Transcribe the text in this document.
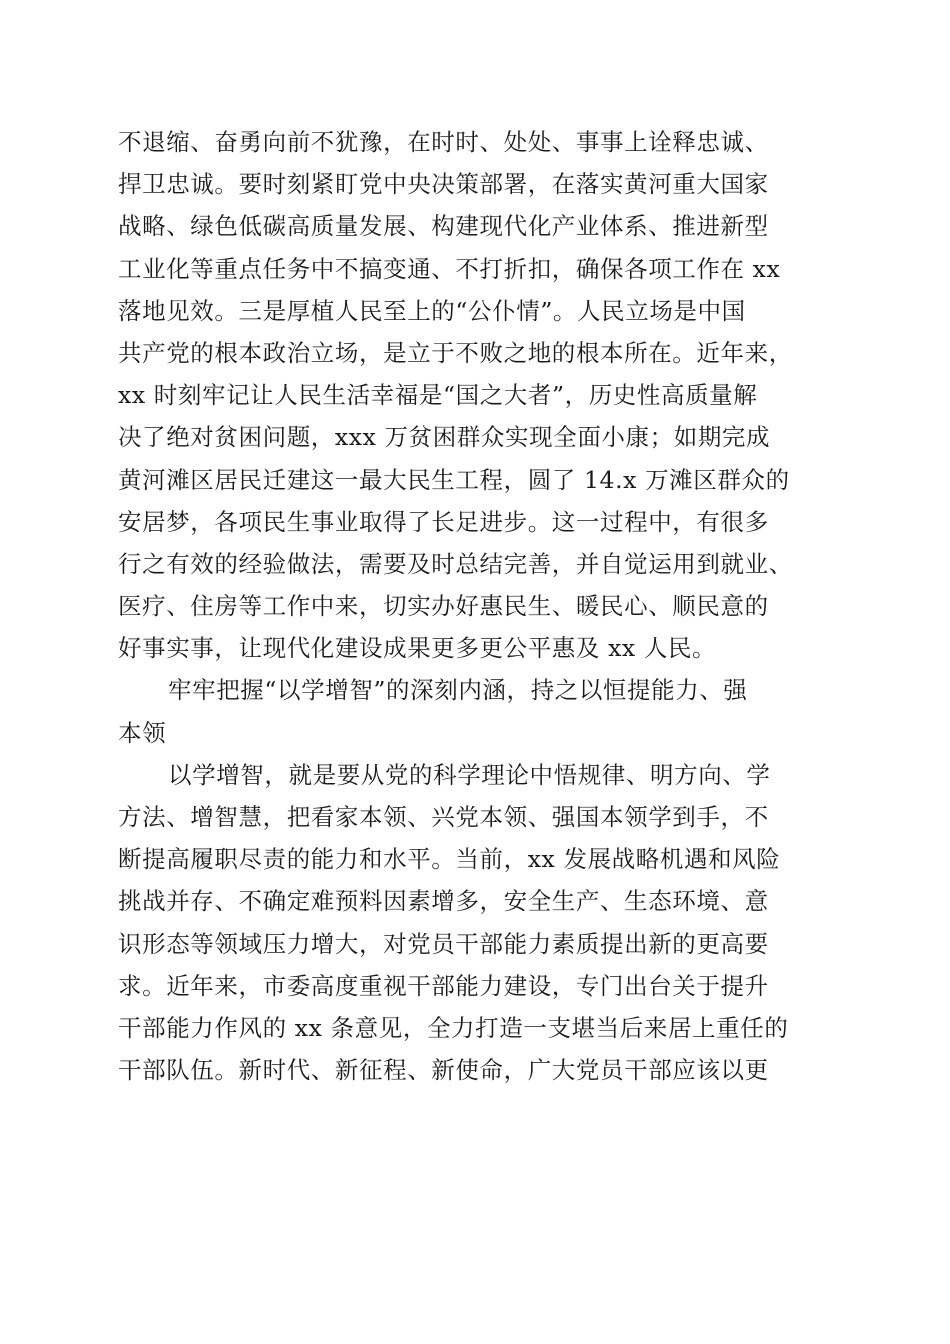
不退缩、奋勇向前不犹豫，在时时、处处、事事上诠释忠诚、
捍卫忠诚。要时刻紧盯党中央决策部署，在落实黄河重大国家
战略、绿色低碳高质量发展、构建现代化产业体系、推进新型
工业化等重点任务中不搞变通、不打折扣，确保各项工作在 xx
落地见效。三是厚植人民至上的“公仆情”。人民立场是中国
共产党的根本政治立场，是立于不败之地的根本所在。近年来，
xx 时刻牢记让人民生活幸福是“国之大者”，历史性高质量解
决了绝对贫困问题，xxx 万贫困群众实现全面小康；如期完成
黄河滩区居民迁建这一最大民生工程，圆了 14.x 万滩区群众的
安居梦，各项民生事业取得了长足进步。这一过程中，有很多
行之有效的经验做法，需要及时总结完善，并自觉运用到就业、
医疗、住房等工作中来，切实办好惠民生、暖民心、顺民意的
好事实事，让现代化建设成果更多更公平惠及 xx 人民。
牢牢把握“以学增智”的深刻内涵，持之以恒提能力、强
本领
以学增智，就是要从党的科学理论中悟规律、明方向、学
方法、增智慧，把看家本领、兴党本领、强国本领学到手，不
断提高履职尽责的能力和水平。当前，xx 发展战略机遇和风险
挑战并存、不确定难预料因素增多，安全生产、生态环境、意
识形态等领域压力增大，对党员干部能力素质提出新的更高要
求。近年来，市委高度重视干部能力建设，专门出台关于提升
干部能力作风的 xx 条意见，全力打造一支堪当后来居上重任的
干部队伍。新时代、新征程、新使命，广大党员干部应该以更
